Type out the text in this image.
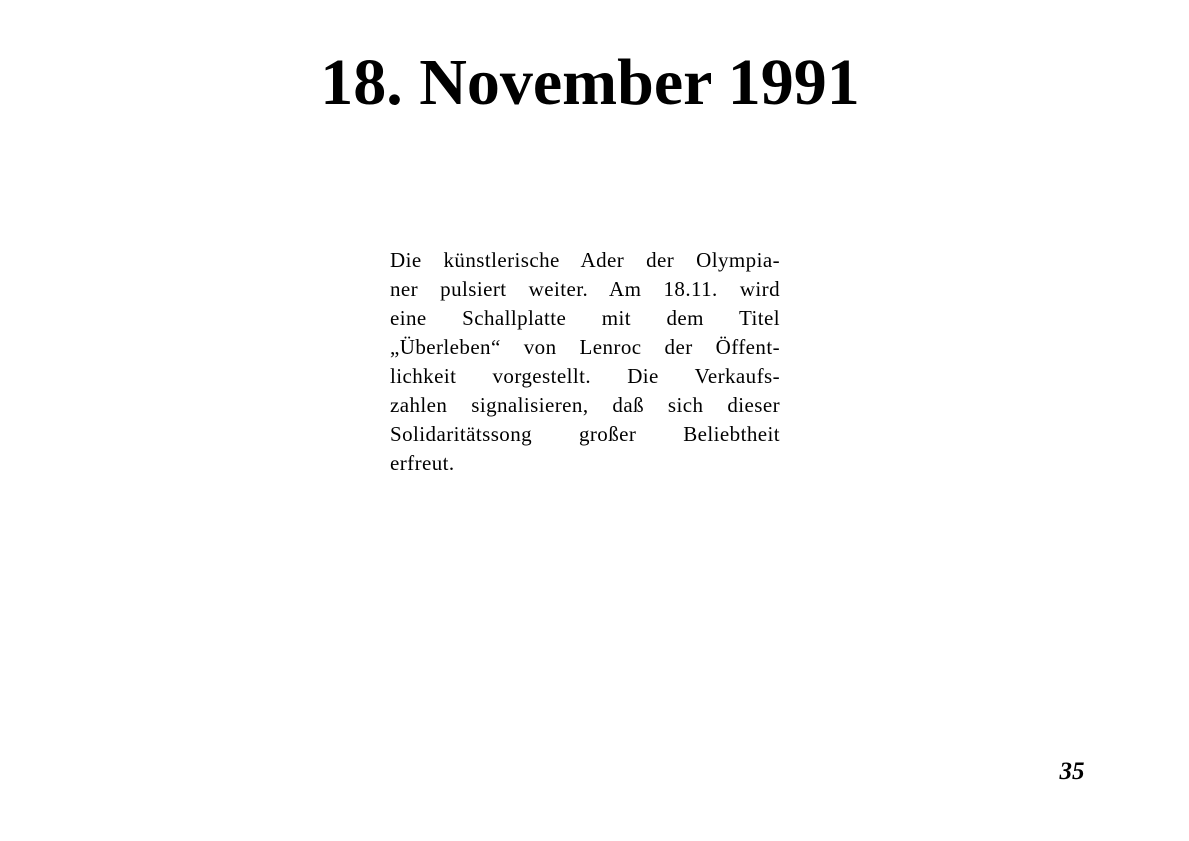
18. November 1991
Die künstlerische Ader der Olympia-
ner pulsiert weiter. Am 18.11. wird
eine Schallplatte mit dem Titel
„Überleben“ von Lenroc der Öffent-
lichkeit vorgestellt. Die Verkaufs-
zahlen signalisieren, daß sich dieser
Solidaritätssong großer Beliebtheit
erfreut.
35
